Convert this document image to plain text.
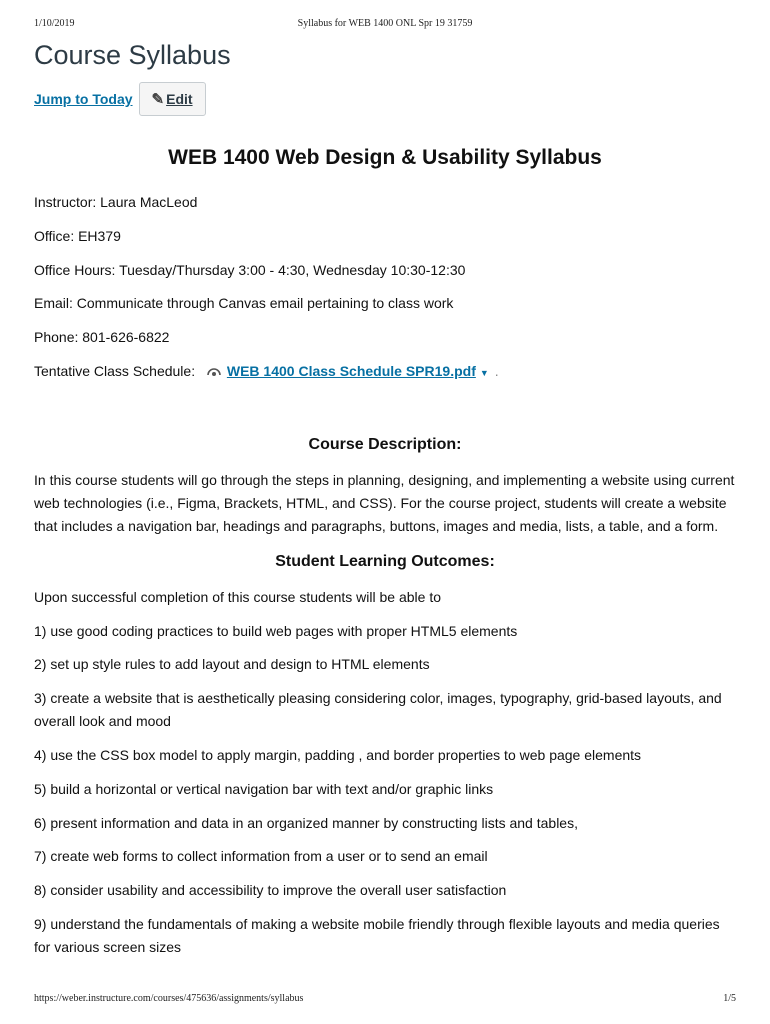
1/10/2019	Syllabus for WEB 1400 ONL Spr 19 31759
Course Syllabus
Jump to Today ✎ Edit
WEB 1400 Web Design & Usability Syllabus

Instructor: Laura MacLeod

Office: EH379

Office Hours: Tuesday/Thursday 3:00 - 4:30, Wednesday 10:30-12:30

Email: Communicate through Canvas email pertaining to class work

Phone: 801-626-6822

Tentative Class Schedule: WEB 1400 Class Schedule SPR19.pdf ▼ .

Course Description:

In this course students will go through the steps in planning, designing, and implementing a website using current web technologies (i.e., Figma, Brackets, HTML, and CSS). For the course project, students will create a website that includes a navigation bar, headings and paragraphs, buttons, images and media, lists, a table, and a form.

Student Learning Outcomes:

Upon successful completion of this course students will be able to

1) use good coding practices to build web pages with proper HTML5 elements

2) set up style rules to add layout and design to HTML elements

3) create a website that is aesthetically pleasing considering color, images, typography, grid-based layouts, and overall look and mood

4) use the CSS box model to apply margin, padding , and border properties to web page elements

5) build a horizontal or vertical navigation bar with text and/or graphic links

6) present information and data in an organized manner by constructing lists and tables,

7) create web forms to collect information from a user or to send an email

8) consider usability and accessibility to improve the overall user satisfaction

9) understand the fundamentals of making a website mobile friendly through flexible layouts and media queries for various screen sizes

https://weber.instructure.com/courses/475636/assignments/syllabus	1/5
